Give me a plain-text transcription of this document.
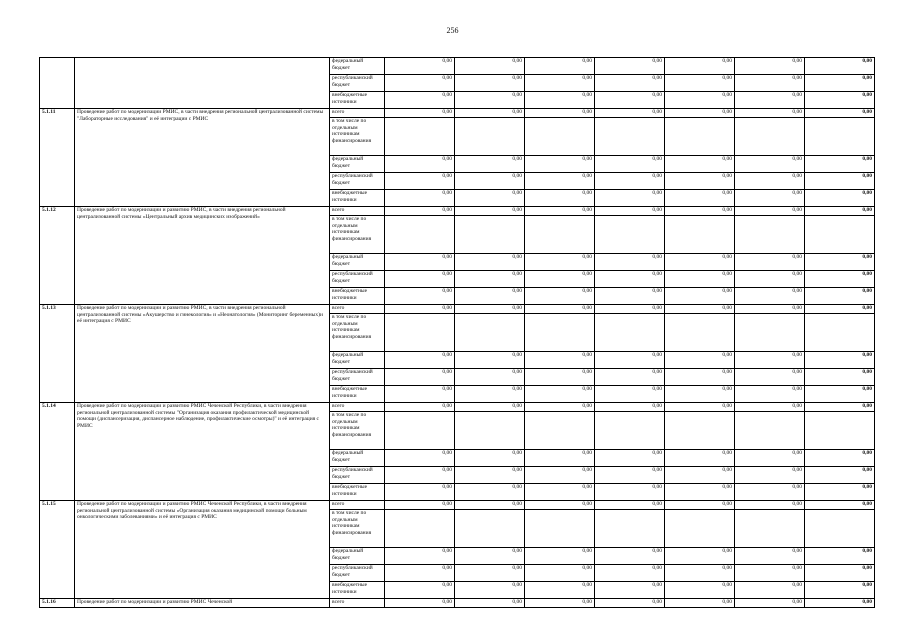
256
		федеральный бюджет	0,00	0,00	0,00	0,00	0,00	0,00	0,00
		республиканский бюджет	0,00	0,00	0,00	0,00	0,00	0,00	0,00
		внебюджетные источники	0,00	0,00	0,00	0,00	0,00	0,00	0,00
5.1.11	Проведение работ по модернизации РМИС, в части внедрения региональной централизованной системы "Лабораторные исследования" и её интеграции с РМИС	всего	0,00	0,00	0,00	0,00	0,00	0,00	0,00
		в том числе по отдельным источникам финансирования							
		федеральный бюджет	0,00	0,00	0,00	0,00	0,00	0,00	0,00
		республиканский бюджет	0,00	0,00	0,00	0,00	0,00	0,00	0,00
		внебюджетные источники	0,00	0,00	0,00	0,00	0,00	0,00	0,00
5.1.12	Проведение работ по модернизации и развитию РМИС, в части внедрения региональной централизованной системы «Центральный архив медицинских изображений»	всего	0,00	0,00	0,00	0,00	0,00	0,00	0,00
		в том числе по отдельным источникам финансирования							
		федеральный бюджет	0,00	0,00	0,00	0,00	0,00	0,00	0,00
		республиканский бюджет	0,00	0,00	0,00	0,00	0,00	0,00	0,00
		внебюджетные источники	0,00	0,00	0,00	0,00	0,00	0,00	0,00
5.1.13	Проведение работ по модернизации и развитию РМИС, в части внедрения региональной централизованной системы «Акушерство и гинекология» и «Неонатология» (Мониторинг беременных)и её интеграция с РМИС	всего	0,00	0,00	0,00	0,00	0,00	0,00	0,00
		в том числе по отдельным источникам финансирования							
		федеральный бюджет	0,00	0,00	0,00	0,00	0,00	0,00	0,00
		республиканский бюджет	0,00	0,00	0,00	0,00	0,00	0,00	0,00
		внебюджетные источники	0,00	0,00	0,00	0,00	0,00	0,00	0,00
5.1.14	Проведение работ по модернизации и развитию РМИС Чеченской Республики, в части внедрения региональной централизованной системы "Организация оказания профилактической медицинской помощи (диспансеризация, диспансерное наблюдение, профилактические осмотры)" и её интеграция с РМИС	всего	0,00	0,00	0,00	0,00	0,00	0,00	0,00
		в том числе по отдельным источникам финансирования							
		федеральный бюджет	0,00	0,00	0,00	0,00	0,00	0,00	0,00
		республиканский бюджет	0,00	0,00	0,00	0,00	0,00	0,00	0,00
		внебюджетные источники	0,00	0,00	0,00	0,00	0,00	0,00	0,00
5.1.15	Проведение работ по модернизации и развитию РМИС Чеченской Республики, в части внедрения региональной централизованной системы «Организация оказания медицинской помощи больным онкологическими заболеваниями» и её интеграция с РМИС	всего	0,00	0,00	0,00	0,00	0,00	0,00	0,00
		в том числе по отдельным источникам финансирования							
		федеральный бюджет	0,00	0,00	0,00	0,00	0,00	0,00	0,00
		республиканский бюджет	0,00	0,00	0,00	0,00	0,00	0,00	0,00
		внебюджетные источники	0,00	0,00	0,00	0,00	0,00	0,00	0,00
5.1.16	Проведение работ по модернизации и развитию РМИС Чеченской	всего	0,00	0,00	0,00	0,00	0,00	0,00	0,00
